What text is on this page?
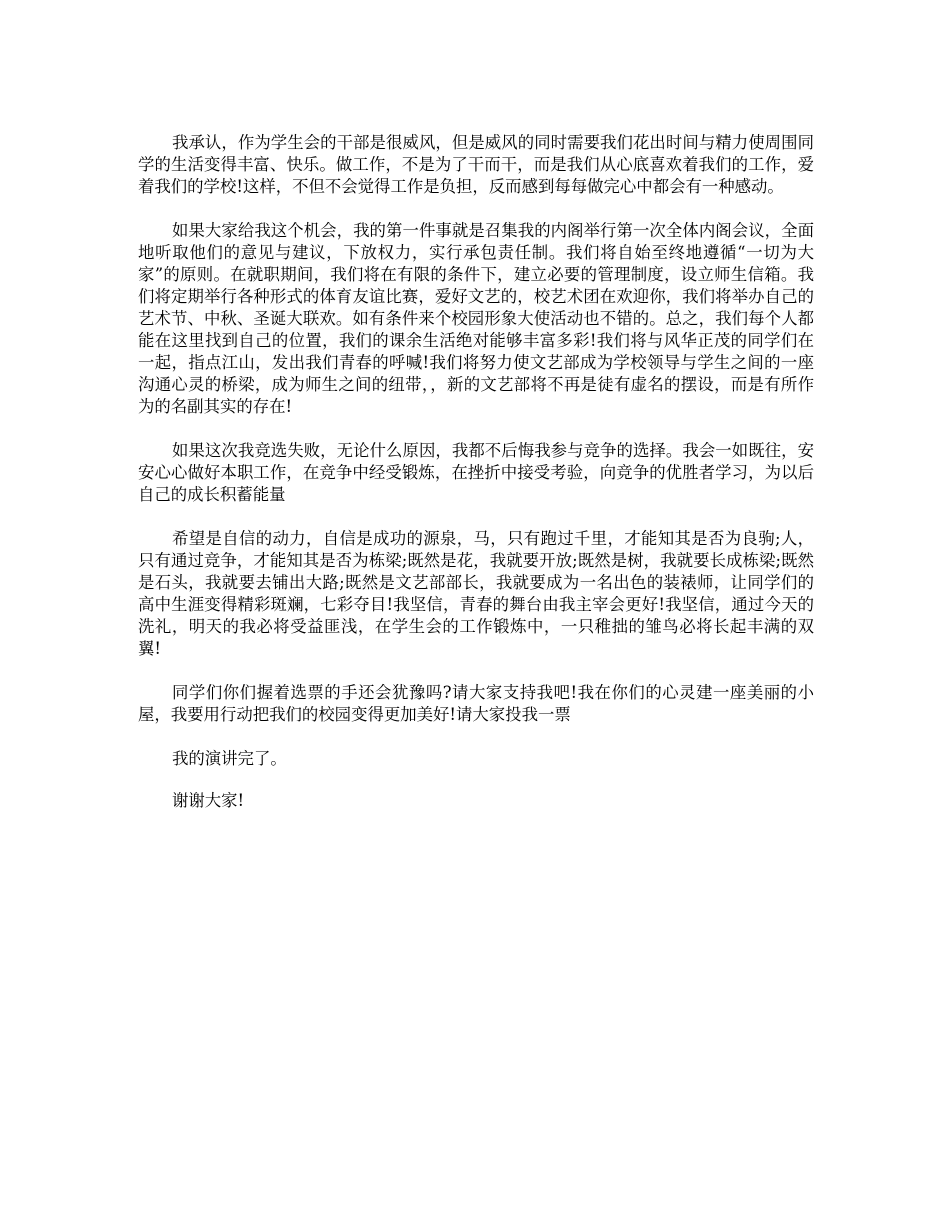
我承认，作为学生会的干部是很威风，但是威风的同时需要我们花出时间与精力使周围同学的生活变得丰富、快乐。做工作，不是为了干而干，而是我们从心底喜欢着我们的工作，爱着我们的学校!这样，不但不会觉得工作是负担，反而感到每每做完心中都会有一种感动。

如果大家给我这个机会，我的第一件事就是召集我的内阁举行第一次全体内阁会议，全面地听取他们的意见与建议，下放权力，实行承包责任制。我们将自始至终地遵循“一切为大家”的原则。在就职期间，我们将在有限的条件下，建立必要的管理制度，设立师生信箱。我们将定期举行各种形式的体育友谊比赛，爱好文艺的，校艺术团在欢迎你，我们将举办自己的艺术节、中秋、圣诞大联欢。如有条件来个校园形象大使活动也不错的。总之，我们每个人都能在这里找到自己的位置，我们的课余生活绝对能够丰富多彩!我们将与风华正茂的同学们在一起，指点江山，发出我们青春的呼喊!我们将努力使文艺部成为学校领导与学生之间的一座沟通心灵的桥梁，成为师生之间的纽带，，新的文艺部将不再是徒有虚名的摆设，而是有所作为的名副其实的存在!

如果这次我竞选失败，无论什么原因，我都不后悔我参与竞争的选择。我会一如既往，安安心心做好本职工作，在竞争中经受锻炼，在挫折中接受考验，向竞争的优胜者学习，为以后自己的成长积蓄能量

希望是自信的动力，自信是成功的源泉，马，只有跑过千里，才能知其是否为良驹;人，只有通过竞争，才能知其是否为栋梁;既然是花，我就要开放;既然是树，我就要长成栋梁;既然是石头，我就要去铺出大路;既然是文艺部部长，我就要成为一名出色的装裱师，让同学们的高中生涯变得精彩斑斓，七彩夺目!我坚信，青春的舞台由我主宰会更好!我坚信，通过今天的洗礼，明天的我必将受益匪浅，在学生会的工作锻炼中，一只稚拙的雏鸟必将长起丰满的双翼!

同学们你们握着选票的手还会犹豫吗?请大家支持我吧!我在你们的心灵建一座美丽的小屋，我要用行动把我们的校园变得更加美好!请大家投我一票

我的演讲完了。

谢谢大家!
